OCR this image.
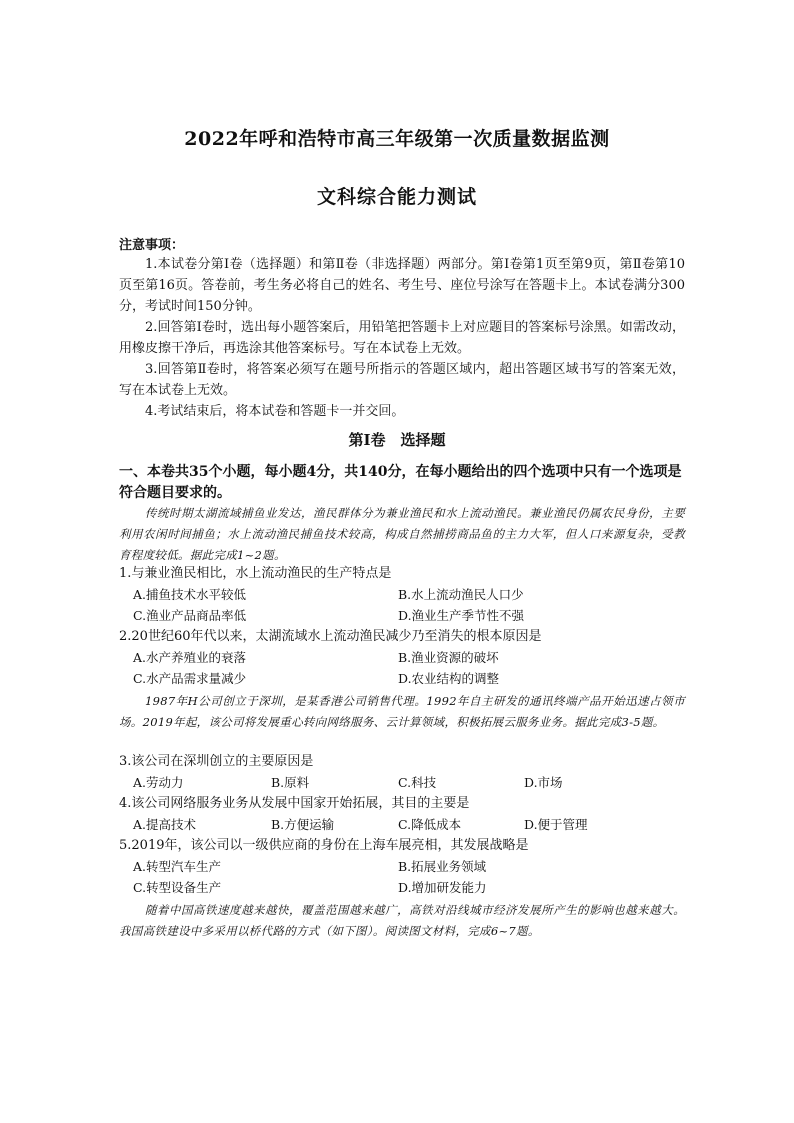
2022年呼和浩特市高三年级第一次质量数据监测
文科综合能力测试
注意事项：

1.本试卷分第Ⅰ卷（选择题）和第Ⅱ卷（非选择题）两部分。第Ⅰ卷第1页至第9页，第Ⅱ卷第10页至第16页。答卷前，考生务必将自己的姓名、考生号、座位号涂写在答题卡上。本试卷满分300分，考试时间150分钟。

2.回答第Ⅰ卷时，选出每小题答案后，用铅笔把答题卡上对应题目的答案标号涂黑。如需改动，用橡皮擦干净后，再选涂其他答案标号。写在本试卷上无效。

3.回答第Ⅱ卷时，将答案必须写在题号所指示的答题区域内，超出答题区域书写的答案无效，写在本试卷上无效。

4.考试结束后，将本试卷和答题卡一并交回。

第Ⅰ卷　选择题

一、本卷共35个小题，每小题4分，共140分，在每小题给出的四个选项中只有一个选项是符合题目要求的。

传统时期太湖流域捕鱼业发达，渔民群体分为兼业渔民和水上流动渔民。兼业渔民仍属农民身份，主要利用农闲时间捕鱼；水上流动渔民捕鱼技术较高，构成自然捕捞商品鱼的主力大军，但人口来源复杂，受教育程度较低。据此完成1~2题。

1.与兼业渔民相比，水上流动渔民的生产特点是

A.捕鱼技术水平较低	B.水上流动渔民人口少
C.渔业产品商品率低	D.渔业生产季节性不强

2.20世纪60年代以来，太湖流域水上流动渔民减少乃至消失的根本原因是

A.水产养殖业的衰落	B.渔业资源的破坏
C.水产品需求量减少	D.农业结构的调整

1987年H公司创立于深圳，是某香港公司销售代理。1992年自主研发的通讯终端产品开始迅速占领市场。2019年起，该公司将发展重心转向网络服务、云计算领域，积极拓展云服务业务。据此完成3-5题。

3.该公司在深圳创立的主要原因是

A.劳动力	B.原料	C.科技	D.市场

4.该公司网络服务业务从发展中国家开始拓展，其目的主要是

A.提高技术	B.方便运输	C.降低成本	D.便于管理

5.2019年，该公司以一级供应商的身份在上海车展亮相，其发展战略是

A.转型汽车生产	B.拓展业务领域
C.转型设备生产	D.增加研发能力

随着中国高铁速度越来越快，覆盖范围越来越广，高铁对沿线城市经济发展所产生的影响也越来越大。我国高铁建设中多采用以桥代路的方式（如下图）。阅读图文材料，完成6~7题。
